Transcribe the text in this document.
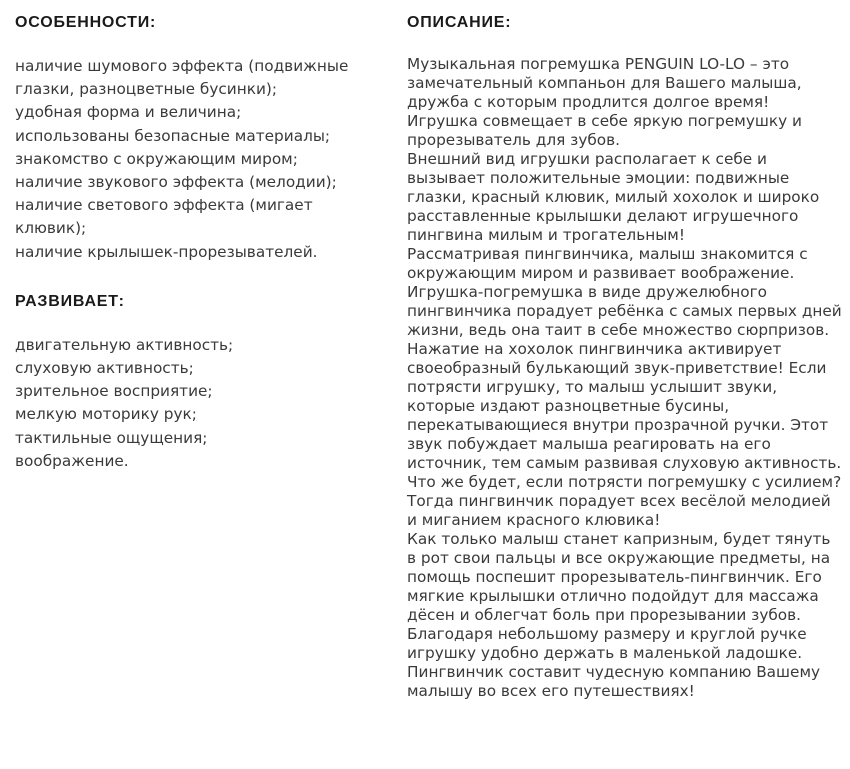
ОСОБЕННОСТИ:
наличие шумового эффекта (подвижные глазки, разноцветные бусинки);
удобная форма и величина;
использованы безопасные материалы;
знакомство с окружающим миром;
наличие звукового эффекта (мелодии);
наличие светового эффекта (мигает клювик);
наличие крылышек-прорезывателей.
РАЗВИВАЕТ:
двигательную активность;
слуховую активность;
зрительное восприятие;
мелкую моторику рук;
тактильные ощущения;
воображение.
ОПИСАНИЕ:

Музыкальная погремушка PENGUIN LO-LO – это замечательный компаньон для Вашего малыша, дружба с которым продлится долгое время! Игрушка совмещает в себе яркую погремушку и прорезыватель для зубов.

Внешний вид игрушки располагает к себе и вызывает положительные эмоции: подвижные глазки, красный клювик, милый хохолок и широко расставленные крылышки делают игрушечного пингвина милым и трогательным!

Рассматривая пингвинчика, малыш знакомится с окружающим миром и развивает воображение.

Игрушка-погремушка в виде дружелюбного пингвинчика порадует ребёнка с самых первых дней жизни, ведь она таит в себе множество сюрпризов. Нажатие на хохолок пингвинчика активирует своеобразный булькающий звук-приветствие! Если потрясти игрушку, то малыш услышит звуки, которые издают разноцветные бусины, перекатывающиеся внутри прозрачной ручки. Этот звук побуждает малыша реагировать на его источник, тем самым развивая слуховую активность.

Что же будет, если потрясти погремушку с усилием? Тогда пингвинчик порадует всех весёлой мелодией и миганием красного клювика!

Как только малыш станет капризным, будет тянуть в рот свои пальцы и все окружающие предметы, на помощь поспешит прорезыватель-пингвинчик. Его мягкие крылышки отлично подойдут для массажа дёсен и облегчат боль при прорезывании зубов.

Благодаря небольшому размеру и круглой ручке игрушку удобно держать в маленькой ладошке. Пингвинчик составит чудесную компанию Вашему малышу во всех его путешествиях!
